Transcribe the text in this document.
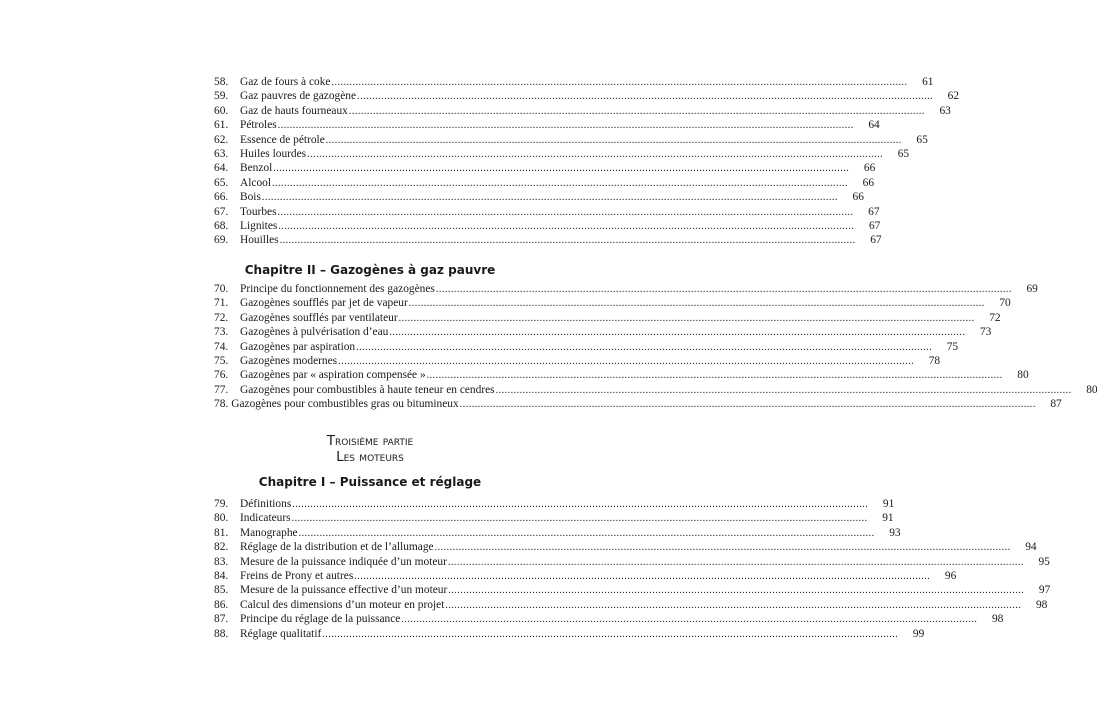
58.	Gaz de fours à coke .....	61
59.	Gaz pauvres de gazogène .....	62
60.	Gaz de hauts fourneaux .....	63
61.	Pétroles .....	64
62.	Essence de pétrole .....	65
63.	Huiles lourdes .....	65
64.	Benzol .....	66
65.	Alcool .....	66
66.	Bois .....	66
67.	Tourbes .....	67
68.	Lignites .....	67
69.	Houilles .....	67
Chapitre II – Gazogènes à gaz pauvre
70.	Principe du fonctionnement des gazogènes .....	69
71.	Gazogènes soufflés par jet de vapeur .....	70
72.	Gazogènes soufflés par ventilateur .....	72
73.	Gazogènes à pulvérisation d’eau .....	73
74.	Gazogènes par aspiration .....	75
75.	Gazogènes modernes .....	78
76.	Gazogènes par « aspiration compensée » .....	80
77.	Gazogènes pour combustibles à haute teneur en cendres .....	80
78. Gazogènes pour combustibles gras ou bitumineux .....	87
Troisième partie
Les moteurs
Chapitre I – Puissance et réglage
79.	Définitions .....	91
80.	Indicateurs .....	91
81.	Manographe .....	93
82.	Réglage de la distribution et de l’allumage .....	94
83.	Mesure de la puissance indiquée d’un moteur .....	95
84.	Freins de Prony et autres .....	96
85.	Mesure de la puissance effective d’un moteur .....	97
86.	Calcul des dimensions d’un moteur en projet .....	98
87.	Principe du réglage de la puissance .....	98
88.	Réglage qualitatif .....	99
